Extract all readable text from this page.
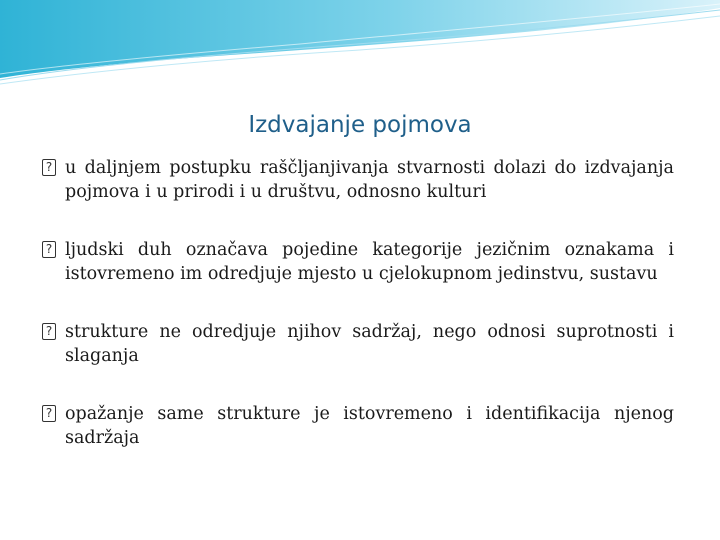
Izdvajanje pojmova

? u daljnjem postupku raščljanjivanja stvarnosti dolazi do izdvajanja pojmova i u prirodi i u društvu, odnosno kulturi

? ljudski duh označava pojedine kategorije jezičnim oznakama i istovremeno im odredjuje mjesto u cjelokupnom jedinstvu, sustavu

? strukture ne odredjuje njihov sadržaj, nego odnosi suprotnosti i slaganja

? opažanje same strukture je istovremeno i identifikacija njenog sadržaja
